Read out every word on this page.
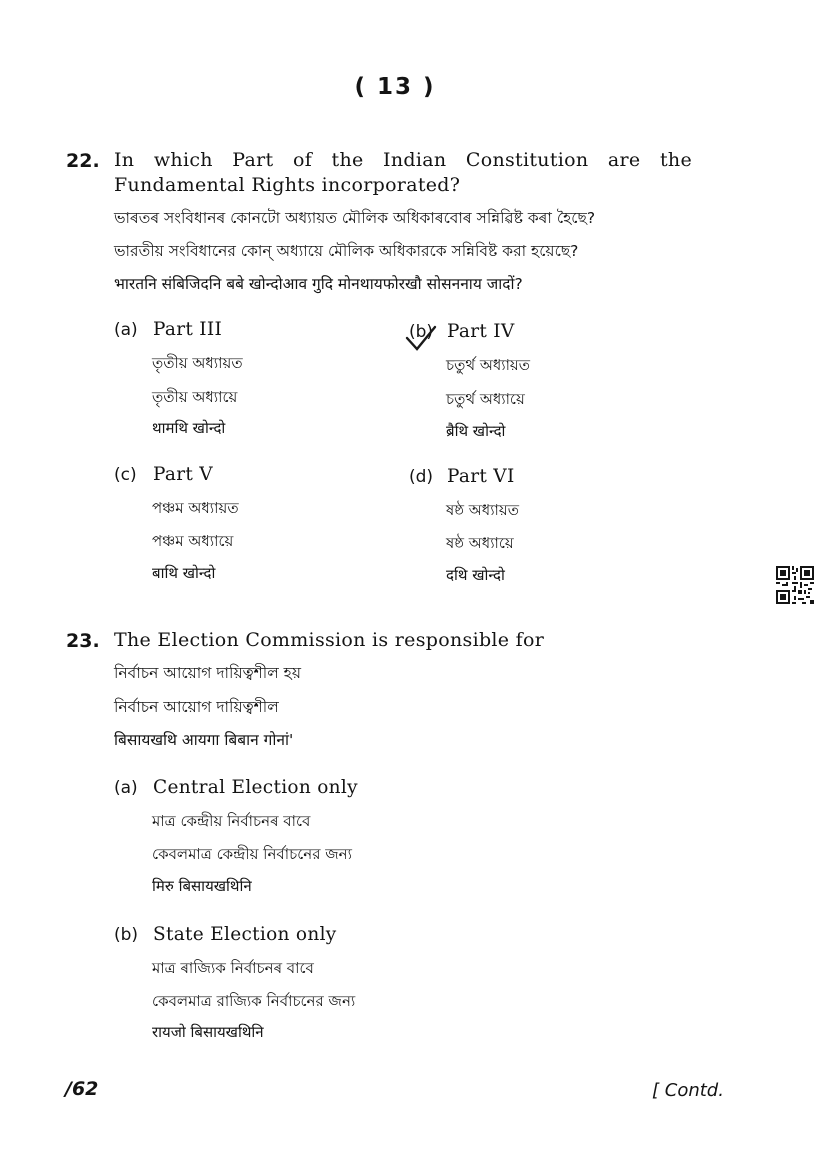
( 13 )
22. In which Part of the Indian Constitution are the
Fundamental Rights incorporated?
ভাৰতৰ সংবিধানৰ কোনটো অধ্যায়ত মৌলিক অধিকাৰবোৰ সন্নিৱিষ্ট কৰা হৈছে?
ভারতীয় সংবিধানের কোন্ অধ্যায়ে মৌলিক অধিকারকে সন্নিবিষ্ট করা হয়েছে?
भारतनि संबिजिदनि बबे खोन्दोआव गुदि मोनथायफोरखौ सोसननाय जादों?
(a) Part III
তৃতীয় অধ্যায়ত
তৃতীয় অধ্যায়ে
थामथि खोन्दो
(b) Part IV
চতুৰ্থ অধ্যায়ত
চতুর্থ অধ্যায়ে
ब्रैथि खोन्दो
(c) Part V
পঞ্চম অধ্যায়ত
পঞ্চম অধ্যায়ে
बाथि खोन्दो
(d) Part VI
ষষ্ঠ অধ্যায়ত
ষষ্ঠ অধ্যায়ে
दथि खोन्दो
23. The Election Commission is responsible for
নিৰ্বাচন আয়োগ দায়িত্বশীল হয়
নির্বাচন আয়োগ দায়িত্বশীল
बिसायखथि आयगा बिबान गोनां'
(a) Central Election only
মাত্ৰ কেন্দ্ৰীয় নিৰ্বাচনৰ বাবে
কেবলমাত্র কেন্দ্রীয় নির্বাচনের জন্য
मिरु बिसायखथिनि
(b) State Election only
মাত্ৰ ৰাজ্যিক নিৰ্বাচনৰ বাবে
কেবলমাত্র রাজ্যিক নির্বাচনের জন্য
रायजो बिसायखथिनि
/62	[ Contd.
